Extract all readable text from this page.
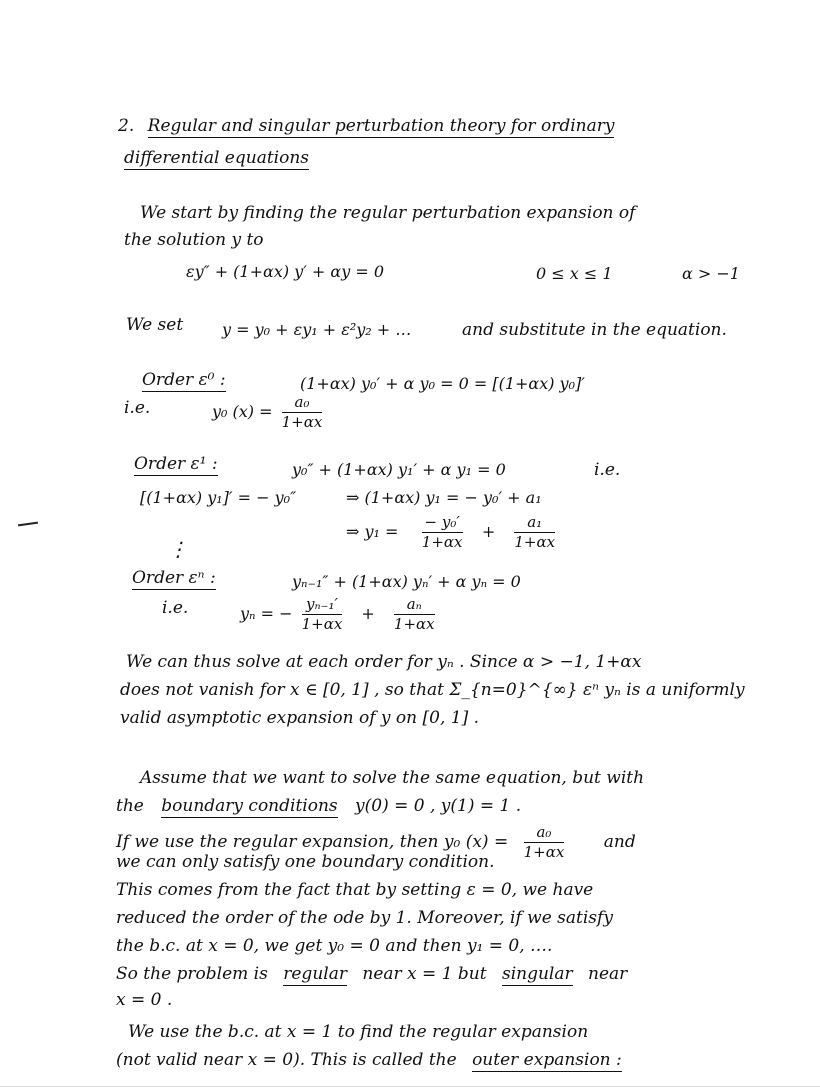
2. Regular and singular perturbation theory for ordinary
differential equations
We start by finding the regular perturbation expansion of
the solution y to
εy″ + (1+αx) y′ + αy = 0	0 ≤ x ≤ 1	α > −1
We set y = y₀ + εy₁ + ε²y₂ + …	and substitute in the equation.
Order ε⁰ :	(1+αx) y₀′ + α y₀ = 0 = [(1+αx) y₀]′
i.e.	y₀ $(x) = \frac{\text{a₀}}{1+\alpha x}$
Order ε¹ :	y₀″ + (1+αx) y₁′ + α y₁ = 0	i.e.
[(1+αx) y₁]′ = − y₀″	⇒ (1+αx) y₁ = − y₀′ + a₁
⇒ $y_1 = \frac{\text{− y₀′}}{1+\alpha x} + \frac{\text{a₁}}{1+\alpha x}$
⋮
Order εⁿ :	yₙ₋₁″ + (1+αx) yₙ′ + α yₙ = 0
i.e.	yₙ = − $\frac{\text{yₙ₋₁′}}{1+\alpha x} + \frac{\text{aₙ}}{1+\alpha x}$
We can thus solve at each order for yₙ . Since α > −1, 1+αx
does not vanish for x ∈ [0, 1] , so that Σ_{n=0}^{∞} εⁿ yₙ is a uniformly
valid asymptotic expansion of y on [0, 1] .
Assume that we want to solve the same equation, but with
the boundary conditions y(0) = 0 , y(1) = 1 .
If we use the regular expansion, then y₀ $(x) = \frac{\text{a₀}}{1+\alpha x}$ and
we can only satisfy one boundary condition.
This comes from the fact that by setting ε = 0, we have
reduced the order of the ode by 1. Moreover, if we satisfy
the b.c. at x = 0, we get y₀ = 0 and then y₁ = 0, ….
So the problem is regular near x = 1 but singular near
x = 0 .
We use the b.c. at x = 1 to find the regular expansion
(not valid near x = 0). This is called the outer expansion :
